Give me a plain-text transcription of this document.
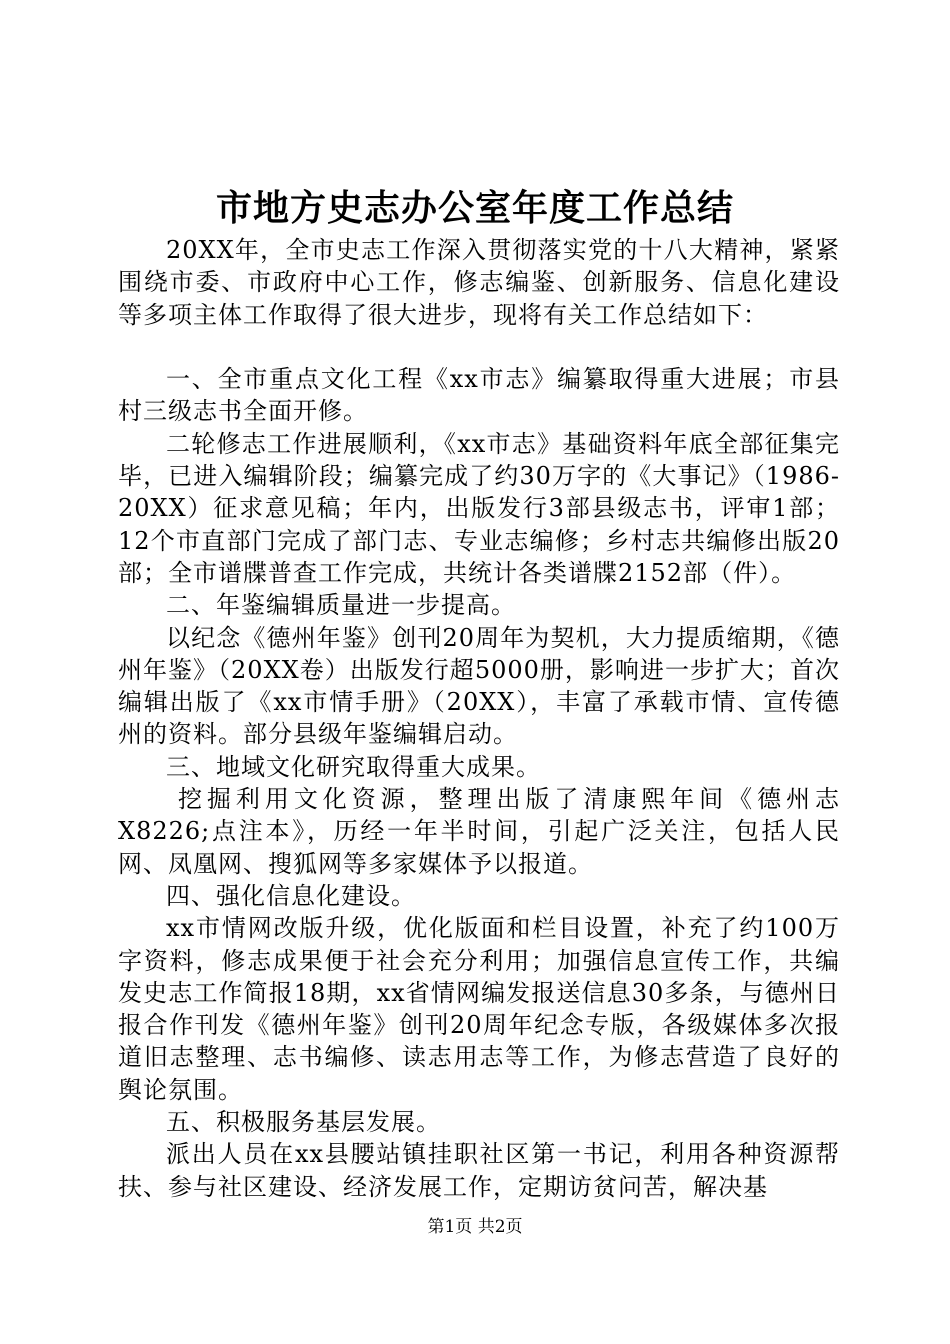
市地方史志办公室年度工作总结

20XX年，全市史志工作深入贯彻落实党的十八大精神，紧紧围绕市委、市政府中心工作，修志编鉴、创新服务、信息化建设等多项主体工作取得了很大进步，现将有关工作总结如下：

一、全市重点文化工程《xx市志》编纂取得重大进展；市县村三级志书全面开修。

二轮修志工作进展顺利，《xx市志》基础资料年底全部征集完毕，已进入编辑阶段；编纂完成了约30万字的《大事记》（1986-20XX）征求意见稿；年内，出版发行3部县级志书，评审1部；12个市直部门完成了部门志、专业志编修；乡村志共编修出版20部；全市谱牒普查工作完成，共统计各类谱牒2152部（件）。

二、年鉴编辑质量进一步提高。

以纪念《德州年鉴》创刊20周年为契机，大力提质缩期，《德州年鉴》（20XX卷）出版发行超5000册，影响进一步扩大；首次编辑出版了《xx市情手册》（20XX），丰富了承载市情、宣传德州的资料。部分县级年鉴编辑启动。

三、地域文化研究取得重大成果。

挖掘利用文化资源，整理出版了清康熙年间《德州志X8226;点注本》，历经一年半时间，引起广泛关注，包括人民网、凤凰网、搜狐网等多家媒体予以报道。

四、强化信息化建设。

xx市情网改版升级，优化版面和栏目设置，补充了约100万字资料，修志成果便于社会充分利用；加强信息宣传工作，共编发史志工作简报18期，xx省情网编发报送信息30多条，与德州日报合作刊发《德州年鉴》创刊20周年纪念专版，各级媒体多次报道旧志整理、志书编修、读志用志等工作，为修志营造了良好的舆论氛围。

五、积极服务基层发展。

派出人员在xx县腰站镇挂职社区第一书记，利用各种资源帮扶、参与社区建设、经济发展工作，定期访贫问苦，解决基

第1页 共2页
